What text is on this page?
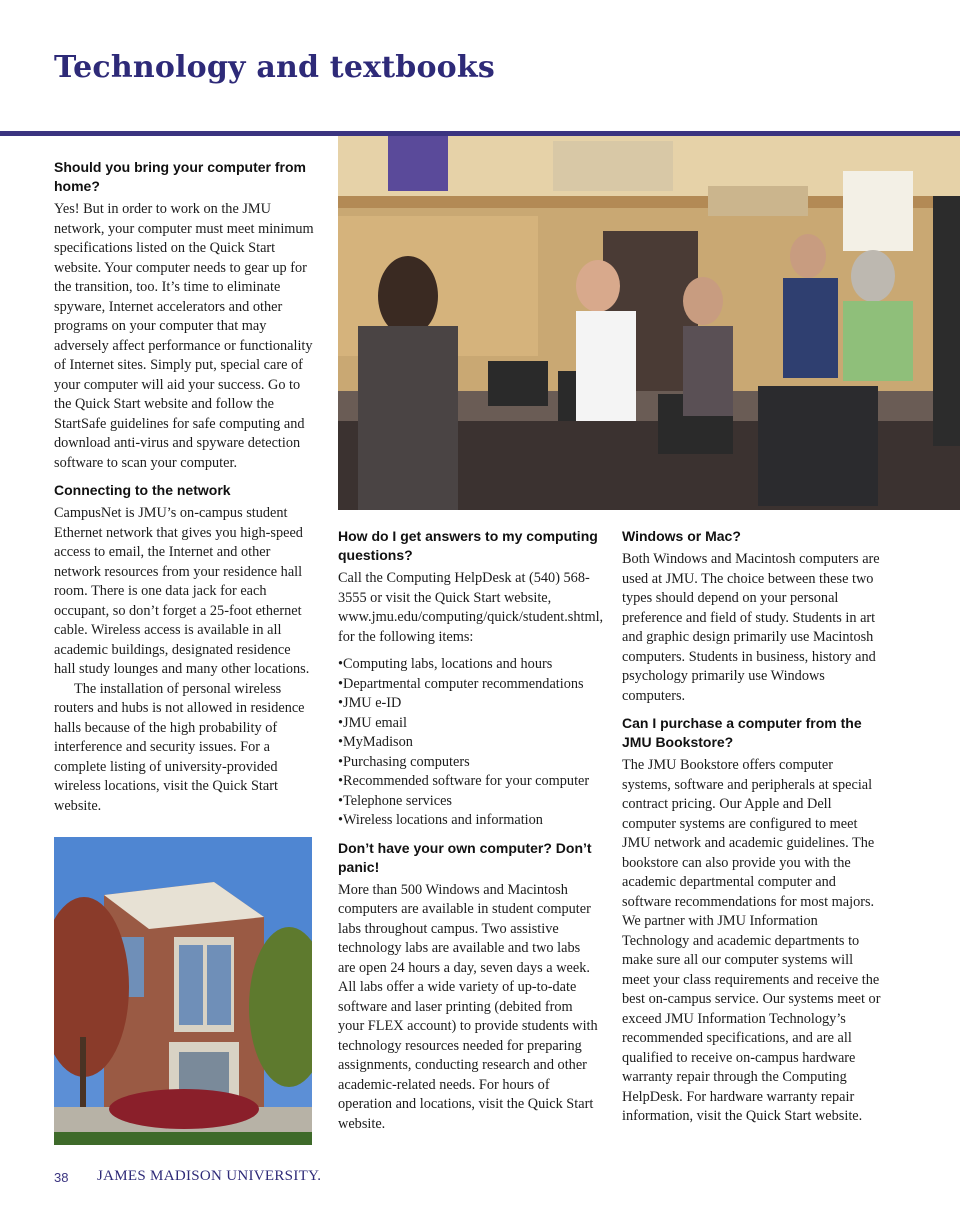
Technology and textbooks
Should you bring your computer from home?

Yes! But in order to work on the JMU network, your computer must meet minimum specifications listed on the Quick Start website. Your computer needs to gear up for the transition, too. It’s time to eliminate spyware, Internet accelerators and other programs on your computer that may adversely affect performance or functionality of Internet sites. Simply put, special care of your computer will aid your success. Go to the Quick Start website and follow the StartSafe guidelines for safe computing and download anti-virus and spyware detection software to scan your computer.

Connecting to the network

CampusNet is JMU’s on-campus student Ethernet network that gives you high-speed access to email, the Internet and other network resources from your residence hall room. There is one data jack for each occupant, so don’t forget a 25-foot ethernet cable. Wireless access is available in all academic buildings, designated residence hall study lounges and many other locations.

The installation of personal wireless routers and hubs is not allowed in residence halls because of the high probability of interference and security issues. For a complete listing of university-provided wireless locations, visit the Quick Start website.

How do I get answers to my computing questions?

Call the Computing HelpDesk at (540) 568-3555 or visit the Quick Start website, www.jmu.edu/computing/quick/student.shtml, for the following items:

• Computing labs, locations and hours
• Departmental computer recommendations
• JMU e-ID
• JMU email
• MyMadison
• Purchasing computers
• Recommended software for your computer
• Telephone services
• Wireless locations and information
Don’t have your own computer? Don’t panic!

More than 500 Windows and Macintosh computers are available in student computer labs throughout campus. Two assistive technology labs are available and two labs are open 24 hours a day, seven days a week. All labs offer a wide variety of up-to-date software and laser printing (debited from your FLEX account) to provide students with technology resources needed for preparing assignments, conducting research and other academic-related needs. For hours of operation and locations, visit the Quick Start website.

Windows or Mac?

Both Windows and Macintosh computers are used at JMU. The choice between these two types should depend on your personal preference and field of study. Students in art and graphic design primarily use Macintosh computers. Students in business, history and psychology primarily use Windows computers.

Can I purchase a computer from the JMU Bookstore?

The JMU Bookstore offers computer systems, software and peripherals at special contract pricing. Our Apple and Dell computer systems are configured to meet JMU network and academic guidelines. The bookstore can also provide you with the academic departmental computer and software recommendations for most majors. We partner with JMU Information Technology and academic departments to make sure all our computer systems will meet your class requirements and receive the best on-campus service. Our systems meet or exceed JMU Information Technology’s recommended specifications, and are all qualified to receive on-campus hardware warranty repair through the Computing HelpDesk. For hardware warranty repair information, visit the Quick Start website.

38 JAMES MADISON UNIVERSITY.
